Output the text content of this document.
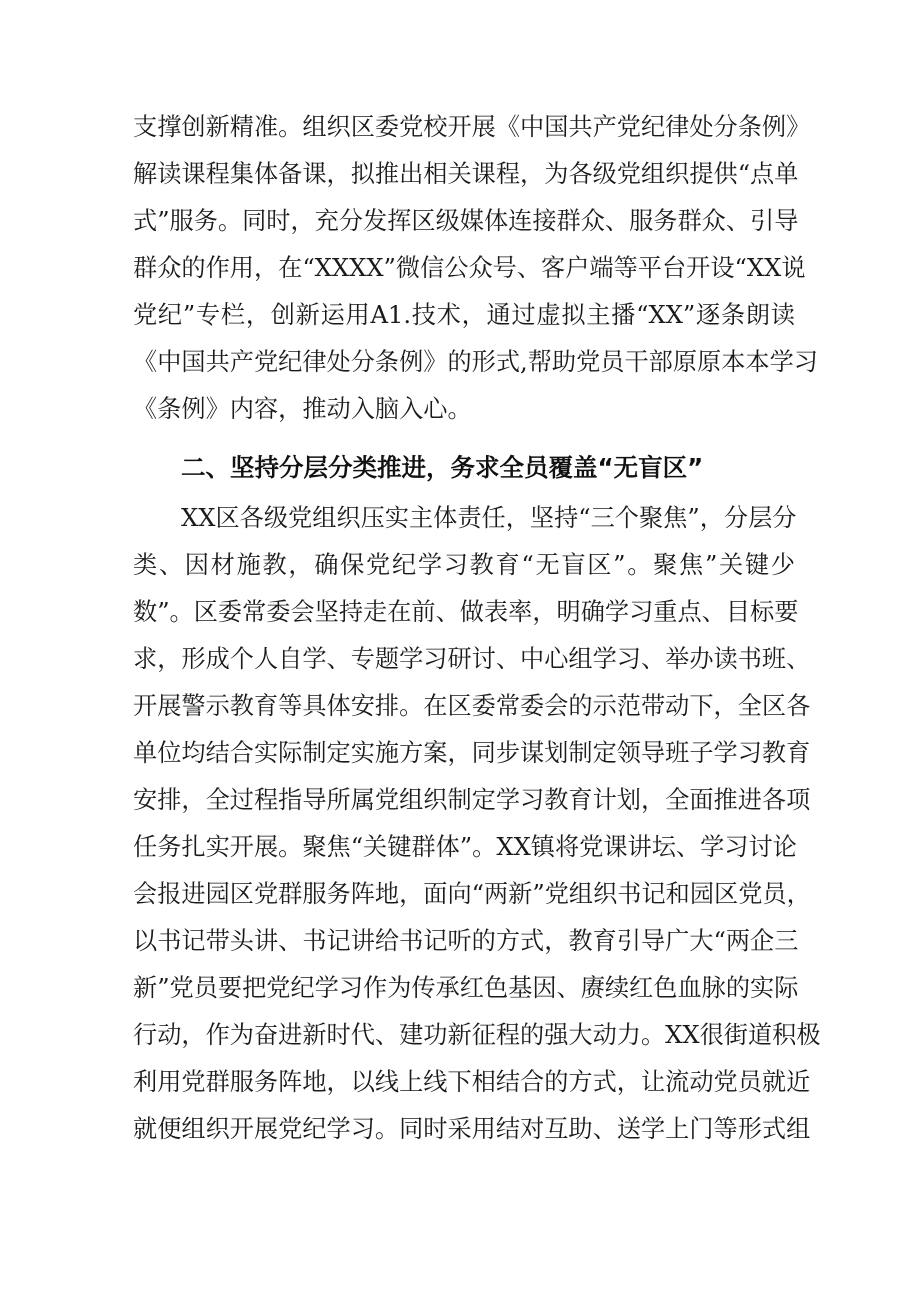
支撑创新精准。组织区委党校开展《中国共产党纪律处分条例》

解读课程集体备课，拟推出相关课程，为各级党组织提供“点单

式”服务。同时，充分发挥区级媒体连接群众、服务群众、引导

群众的作用，在“XXXX”微信公众号、客户端等平台开设“XX说

党纪”专栏，创新运用A1.技术，通过虚拟主播“XX”逐条朗读

《中国共产党纪律处分条例》的形式,帮助党员干部原原本本学习

《条例》内容，推动入脑入心。

二、坚持分层分类推进，务求全员覆盖“无盲区”

XX区各级党组织压实主体责任，坚持“三个聚焦”，分层分

类、因材施教，确保党纪学习教育“无盲区”。聚焦”关键少

数”。区委常委会坚持走在前、做表率，明确学习重点、目标要

求，形成个人自学、专题学习研讨、中心组学习、举办读书班、

开展警示教育等具体安排。在区委常委会的示范带动下，全区各

单位均结合实际制定实施方案，同步谋划制定领导班子学习教育

安排，全过程指导所属党组织制定学习教育计划，全面推进各项

任务扎实开展。聚焦“关键群体”。XX镇将党课讲坛、学习讨论

会报进园区党群服务阵地，面向“两新”党组织书记和园区党员，

以书记带头讲、书记讲给书记听的方式，教育引导广大“两企三

新”党员要把党纪学习作为传承红色基因、赓续红色血脉的实际

行动，作为奋进新时代、建功新征程的强大动力。XX很街道积极

利用党群服务阵地，以线上线下相结合的方式，让流动党员就近

就便组织开展党纪学习。同时采用结对互助、送学上门等形式组
